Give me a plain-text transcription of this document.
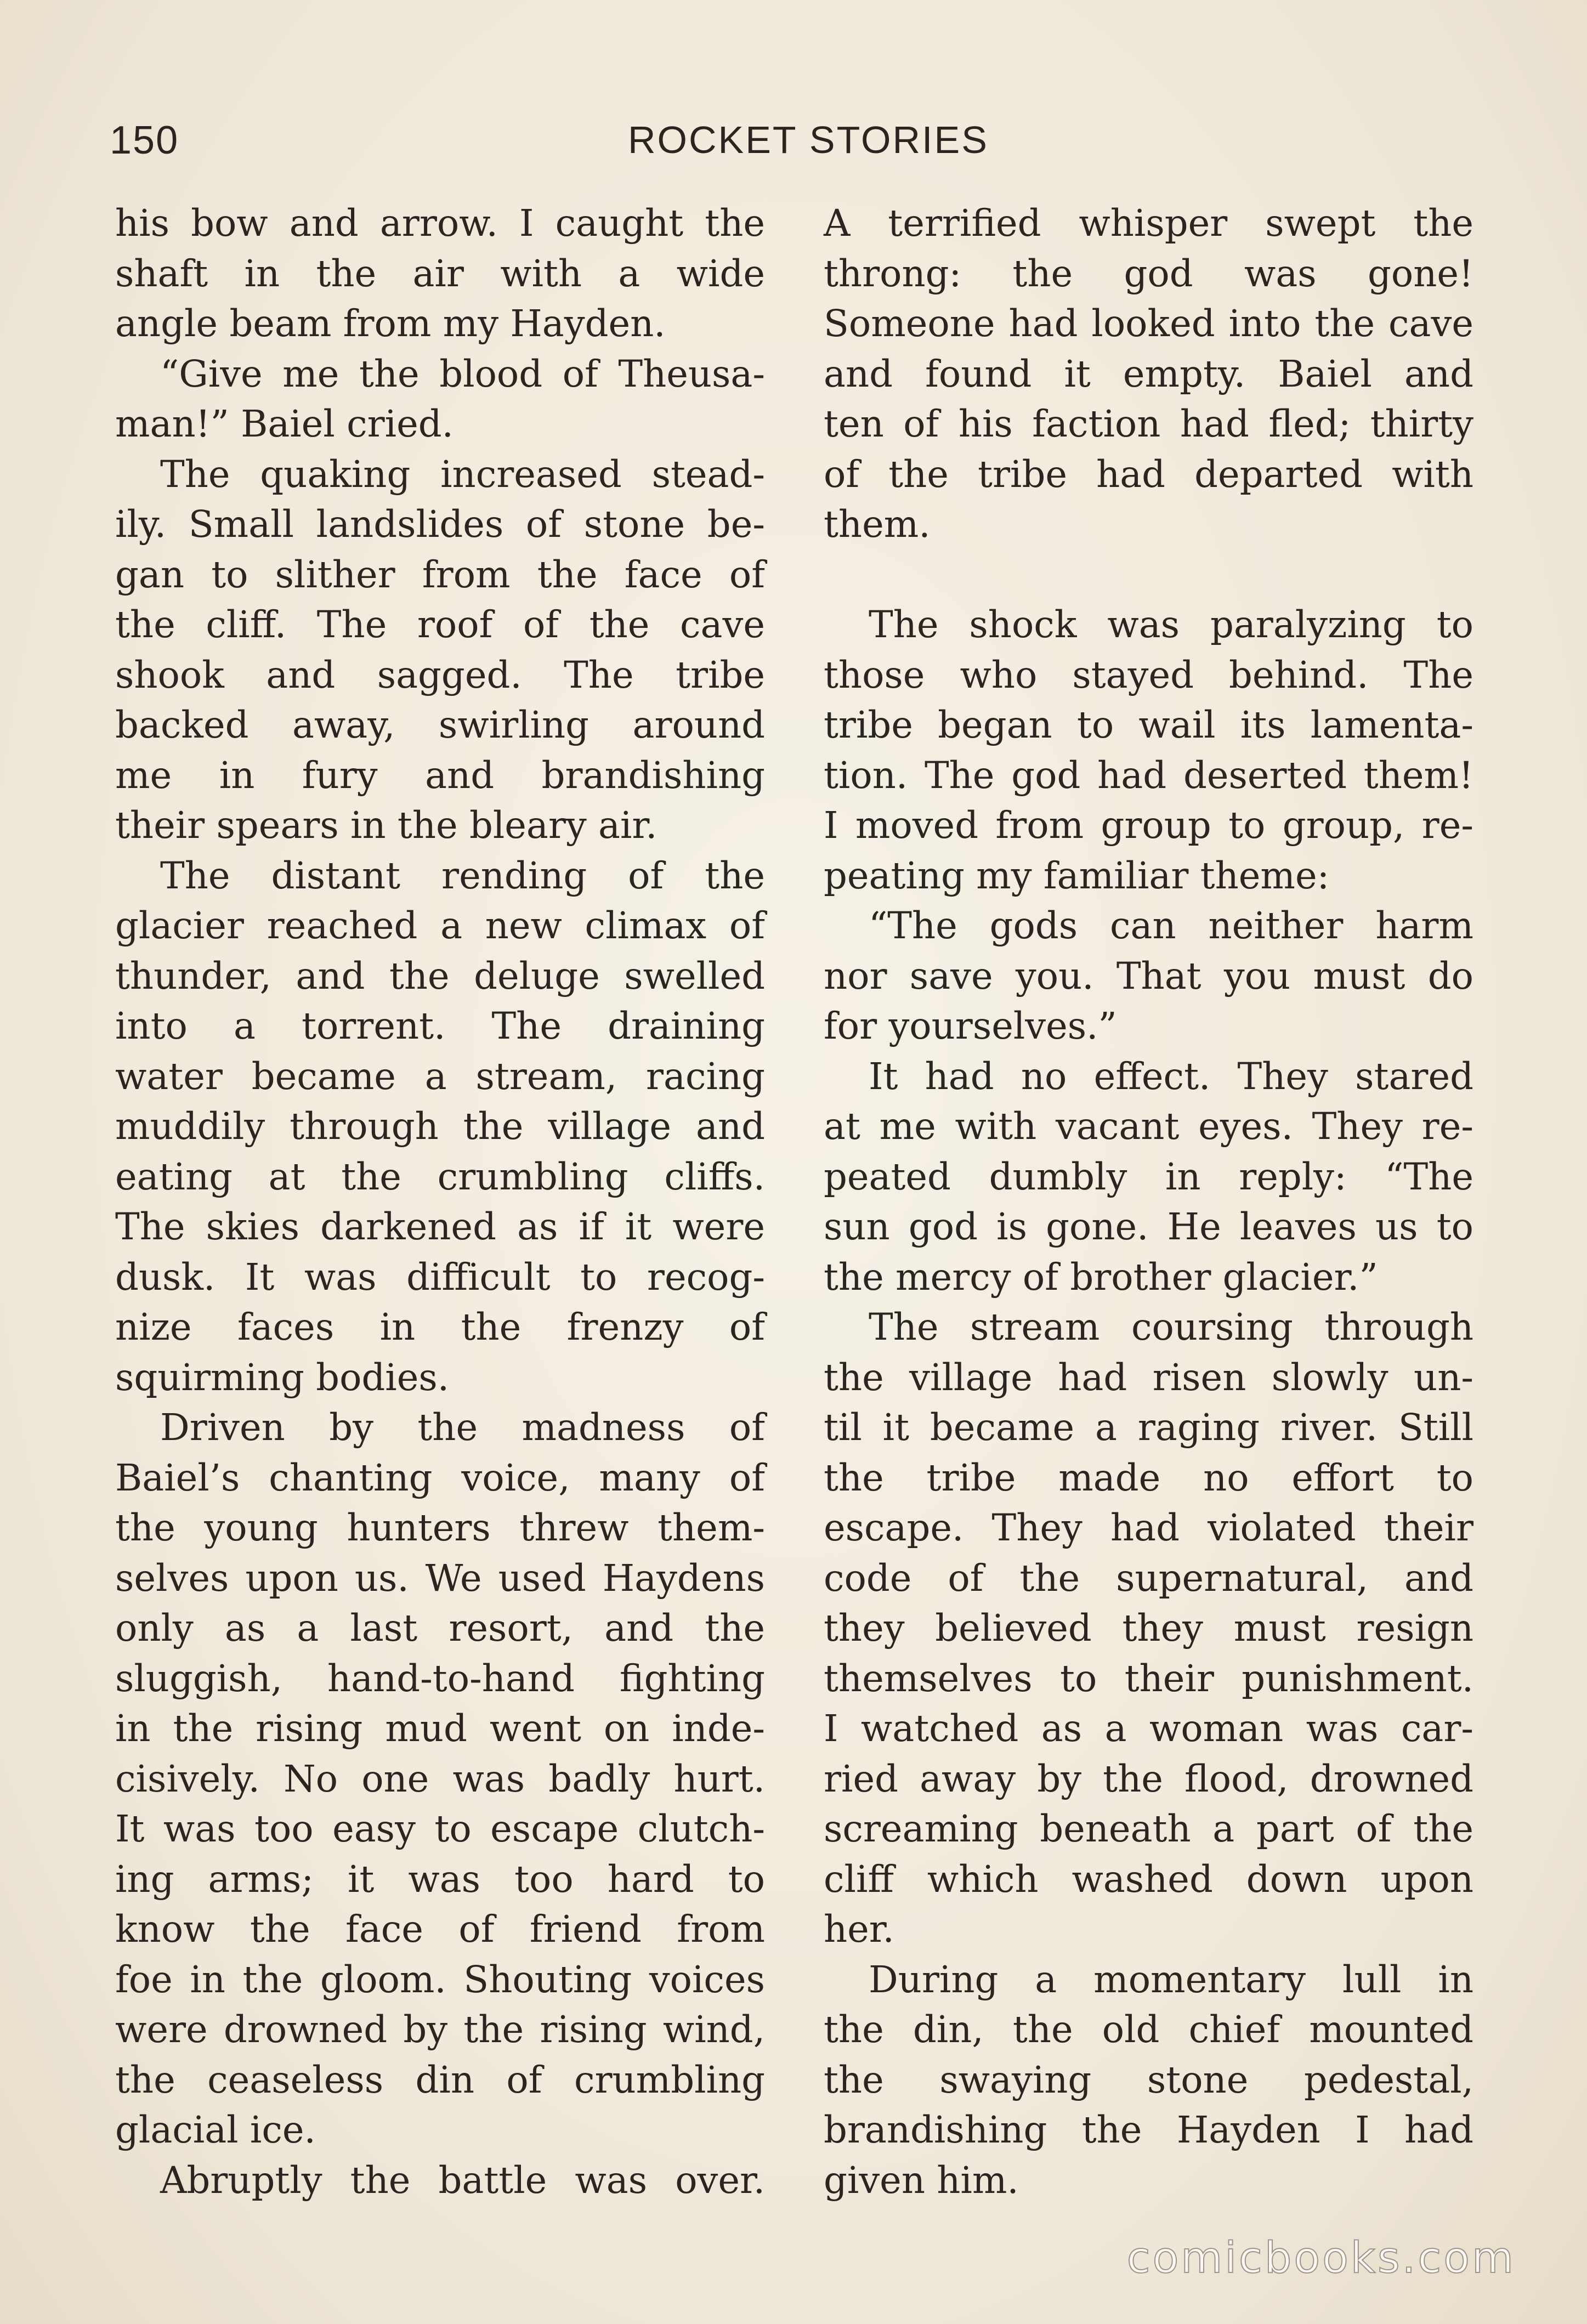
150	ROCKET STORIES
his bow and arrow. I caught the
shaft in the air with a wide
angle beam from my Hayden.
“Give me the blood of Theusa-
man!” Baiel cried.
The quaking increased stead-
ily. Small landslides of stone be-
gan to slither from the face of
the cliff. The roof of the cave
shook and sagged. The tribe
backed away, swirling around
me in fury and brandishing
their spears in the bleary air.
The distant rending of the
glacier reached a new climax of
thunder, and the deluge swelled
into a torrent. The draining
water became a stream, racing
muddily through the village and
eating at the crumbling cliffs.
The skies darkened as if it were
dusk. It was difficult to recog-
nize faces in the frenzy of
squirming bodies.
Driven by the madness of
Baiel’s chanting voice, many of
the young hunters threw them-
selves upon us. We used Haydens
only as a last resort, and the
sluggish, hand-to-hand fighting
in the rising mud went on inde-
cisively. No one was badly hurt.
It was too easy to escape clutch-
ing arms; it was too hard to
know the face of friend from
foe in the gloom. Shouting voices
were drowned by the rising wind,
the ceaseless din of crumbling
glacial ice.
Abruptly the battle was over.
A terrified whisper swept the
throng: the god was gone!
Someone had looked into the cave
and found it empty. Baiel and
ten of his faction had fled; thirty
of the tribe had departed with
them.
The shock was paralyzing to
those who stayed behind. The
tribe began to wail its lamenta-
tion. The god had deserted them!
I moved from group to group, re-
peating my familiar theme:
“The gods can neither harm
nor save you. That you must do
for yourselves.”
It had no effect. They stared
at me with vacant eyes. They re-
peated dumbly in reply: “The
sun god is gone. He leaves us to
the mercy of brother glacier.”
The stream coursing through
the village had risen slowly un-
til it became a raging river. Still
the tribe made no effort to
escape. They had violated their
code of the supernatural, and
they believed they must resign
themselves to their punishment.
I watched as a woman was car-
ried away by the flood, drowned
screaming beneath a part of the
cliff which washed down upon
her.
During a momentary lull in
the din, the old chief mounted
the swaying stone pedestal,
brandishing the Hayden I had
given him.
comicbooks.com
